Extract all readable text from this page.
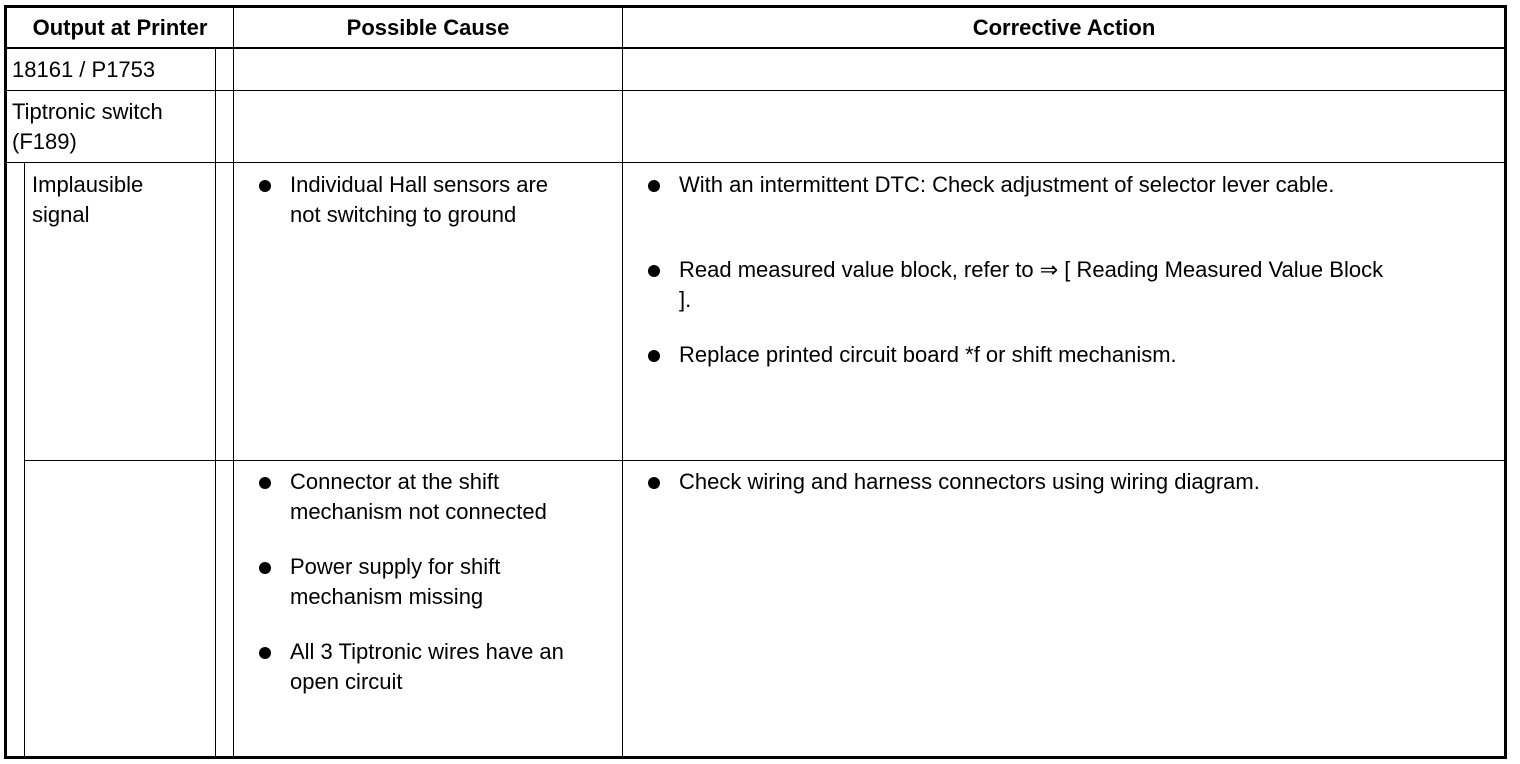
Output at Printer	Possible Cause	Corrective Action
18161 / P1753
Tiptronic switch
(F189)
Implausible
signal
Individual Hall sensors are
not switching to ground
With an intermittent DTC: Check adjustment of selector lever cable.
Read measured value block, refer to ⇒ [ Reading Measured Value Block
].
Replace printed circuit board *f or shift mechanism.
Connector at the shift
mechanism not connected
Power supply for shift
mechanism missing
All 3 Tiptronic wires have an
open circuit
Check wiring and harness connectors using wiring diagram.
